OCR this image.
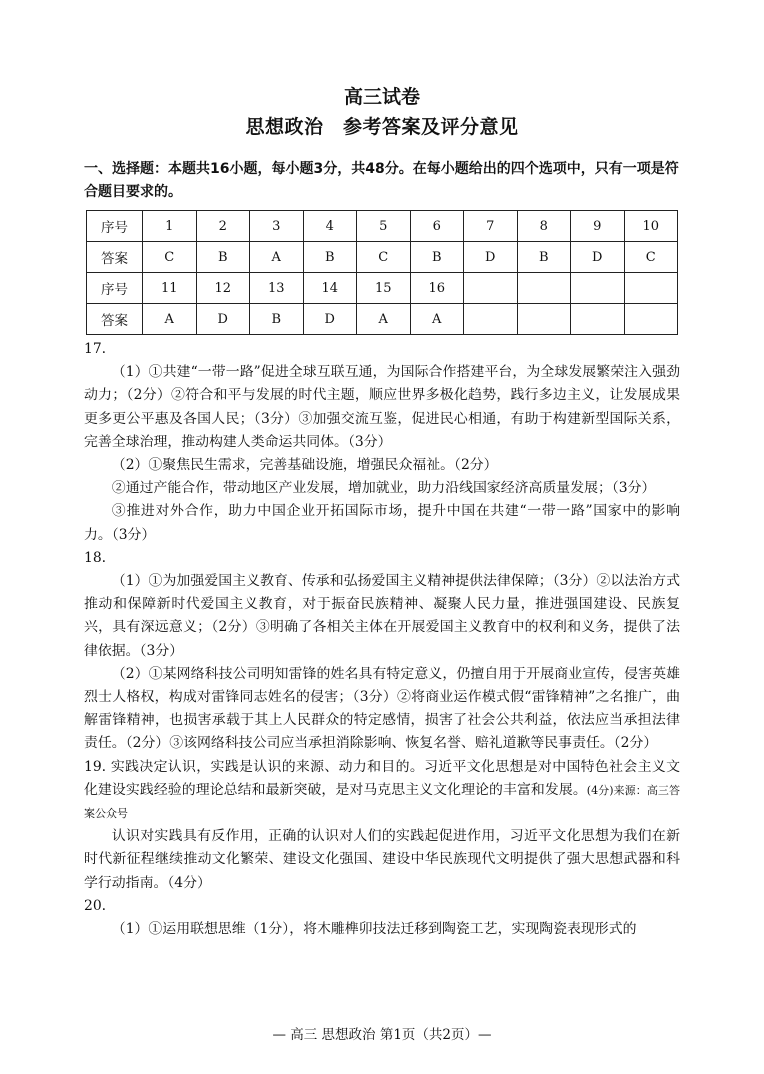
高三试卷
思想政治　参考答案及评分意见
一、选择题：本题共16小题，每小题3分，共48分。在每小题给出的四个选项中，只有一项是符合题目要求的。
序号	1	2	3	4	5	6	7	8	9	10
答案	C	B	A	B	C	B	D	B	D	C
序号	11	12	13	14	15	16				
答案	A	D	B	D	A	A				

17.

（1）①共建“一带一路”促进全球互联互通，为国际合作搭建平台，为全球发展繁荣注入强劲动力；（2分）②符合和平与发展的时代主题，顺应世界多极化趋势，践行多边主义，让发展成果更多更公平惠及各国人民；（3分）③加强交流互鉴，促进民心相通，有助于构建新型国际关系，完善全球治理，推动构建人类命运共同体。（3分）

（2）①聚焦民生需求，完善基础设施，增强民众福祉。（2分）

②通过产能合作，带动地区产业发展，增加就业，助力沿线国家经济高质量发展；（3分）

③推进对外合作，助力中国企业开拓国际市场，提升中国在共建“一带一路”国家中的影响力。（3分）

18.

（1）①为加强爱国主义教育、传承和弘扬爱国主义精神提供法律保障；（3分）②以法治方式推动和保障新时代爱国主义教育，对于振奋民族精神、凝聚人民力量，推进强国建设、民族复兴，具有深远意义；（2分）③明确了各相关主体在开展爱国主义教育中的权利和义务，提供了法律依据。（3分）

（2）①某网络科技公司明知雷锋的姓名具有特定意义，仍擅自用于开展商业宣传，侵害英雄烈士人格权，构成对雷锋同志姓名的侵害；（3分）②将商业运作模式假“雷锋精神”之名推广，曲解雷锋精神，也损害承载于其上人民群众的特定感情，损害了社会公共利益，依法应当承担法律责任。（2分）③该网络科技公司应当承担消除影响、恢复名誉、赔礼道歉等民事责任。（2分）

19. 实践决定认识，实践是认识的来源、动力和目的。习近平文化思想是对中国特色社会主义文化建设实践经验的理论总结和最新突破，是对马克思主义文化理论的丰富和发展。(4分)来源：高三答案公众号

认识对实践具有反作用，正确的认识对人们的实践起促进作用，习近平文化思想为我们在新时代新征程继续推动文化繁荣、建设文化强国、建设中华民族现代文明提供了强大思想武器和科学行动指南。（4分）

20.

（1）①运用联想思维（1分），将木雕榫卯技法迁移到陶瓷工艺，实现陶瓷表现形式的

— 高三 思想政治 第1页（共2页）—
